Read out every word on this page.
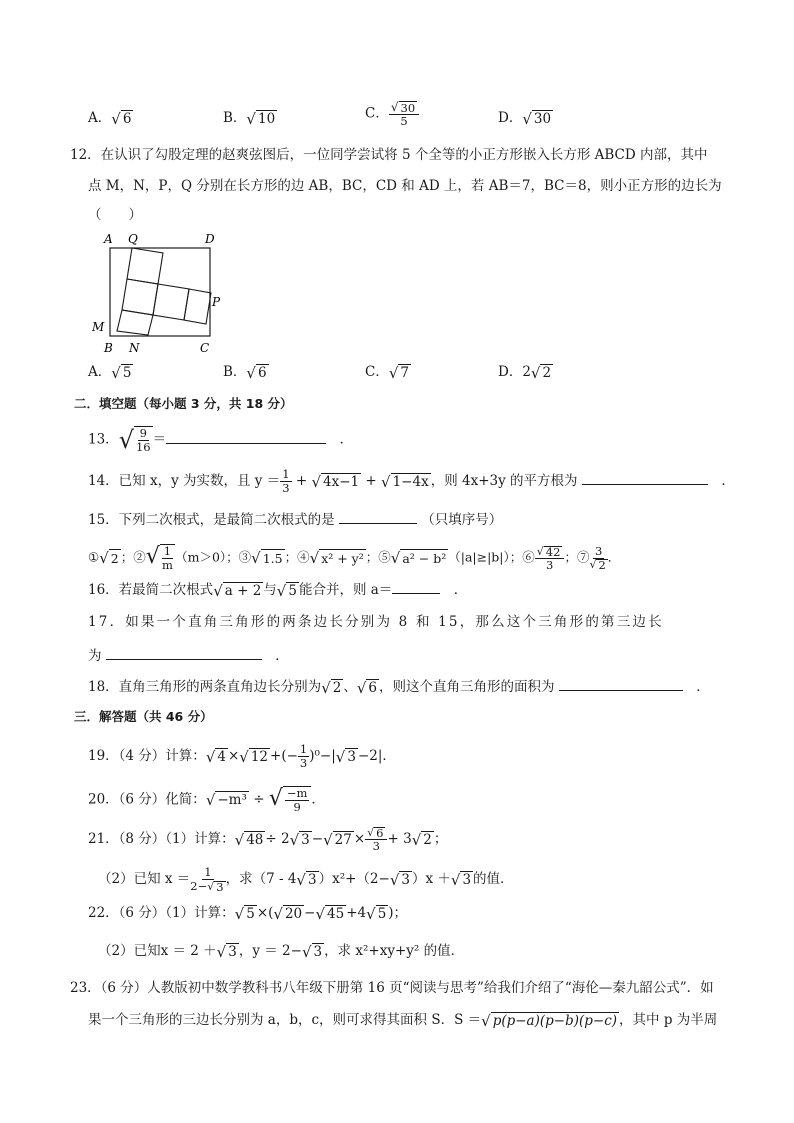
A． √ 6	B． √ 10	C． $\frac{√ 30}{5}$	D． √ 30
12．在认识了勾股定理的赵爽弦图后，一位同学尝试将 5 个全等的小正方形嵌入长方形 ABCD 内部，其中
点 M，N，P，Q 分别在长方形的边 AB，BC，CD 和 AD 上，若 AB＝7，BC＝8，则小正方形的边长为
（　　）
A Q	D
P
M
B N	C
A． √ 5	B． √ 6	C． √ 7	D．2 √ 2
二．填空题（每小题 3 分，共 18 分）
13． √ $\frac{9}{16}$ ＝　	．
14．已知 x，y 为实数，且 $y = \frac{1}{3}$ + √ 4x−1 + √ 1−4x ，则 4x+3y 的平方根为 　	．
15．下列二次根式，是最简二次根式的是	（只填序号）
① √ 2 ；② √ $\frac{1}{m} (m>0)$；③ √ 1.5 ；④ √ x² + y² ；⑤ √ a² − b² （|a|≥|b|）；⑥ $\frac{√ 42}{3}$ ；⑦ $\frac{3}{√ 2}$ ．
16．若最简二次根式 √ a + 2 与 √ 5 能合并，则 a＝　	．
17．如果一个直角三角形的两条边长分别为 8 和 15，那么这个三角形的第三边长
为 　	．
18．直角三角形的两条直角边长分别为 √ 2 、 √ 6 ，则这个直角三角形的面积为 　	．
三．解答题（共 46 分）
19．（4 分）计算： √ 4 × √ 12 +(− $\frac{1}{3} )^0-|$ √ 3 −2|．
20．（6 分）化简： √ −m³ ÷ √ $\frac{-m}{9}$ ．
21．（8 分）（1）计算： √ 48 ÷ 2 √ 3 − √ $27 \times \frac{√ 6}{3} + 3$ √ 2 ；
（2）已知 $x = \frac{1}{2- √ 3}$ ，求（7 - 4 √ 3 ）x²+（2− √ 3 ）x ＋ √ 3 的值．
22．（6 分）（1）计算： √ 5 ×( √ 20 − √ 45 +4 √ 5 )；
（2）已知x ＝ 2 ＋ √ 3 ，y ＝ 2− √ 3 ，求 x²+xy+y² 的值．
23．（6 分）人教版初中数学教科书八年级下册第 16 页“阅读与思考”给我们介绍了“海伦—秦九韶公式”．如
果一个三角形的三边长分别为 a，b，c，则可求得其面积 S．S ＝ √ p(p−a)(p−b)(p−c) ，其中 p 为半周
